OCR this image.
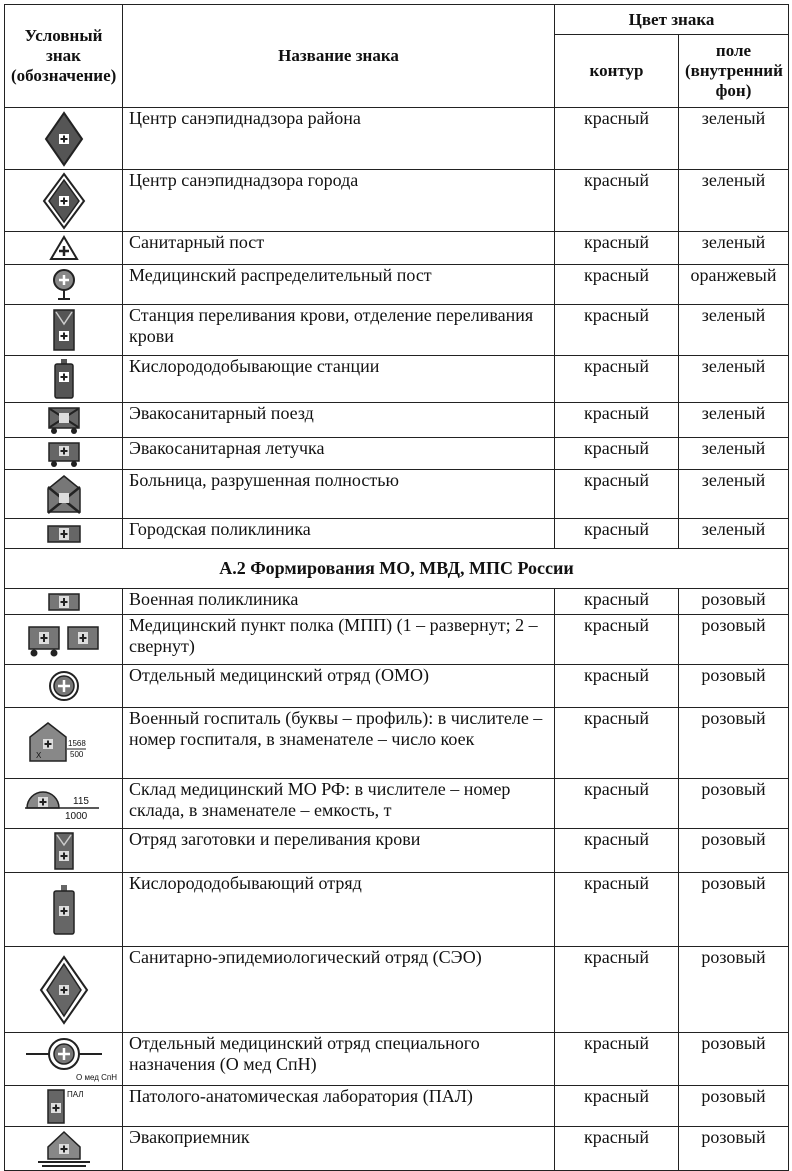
Условный знак (обозначение)	Название знака	Цвет знака	
		контур	поле (внутренний фон)

	Центр санэпиднадзора района	красный	зеленый

	Центр санэпиднадзора города	красный	зеленый

	Санитарный пост	красный	зеленый

	Медицинский распределительный пост	красный	оранжевый

	Станция переливания крови, отделение переливания крови	красный	зеленый

	Кислорододобывающие станции	красный	зеленый

	Эвакосанитарный поезд	красный	зеленый

	Эвакосанитарная летучка	красный	зеленый

	Больница, разрушенная полностью	красный	зеленый

	Городская поликлиника	красный	зеленый
А.2 Формирования МО, МВД, МПС России			

	Военная поликлиника	красный	розовый

	Медицинский пункт полка (МПП) (1 – развернут; 2 – свернут)	красный	розовый

	Отдельный медицинский отряд (ОМО)	красный	розовый

Х
1568
500	Военный госпиталь (буквы – профиль): в числителе – номер госпиталя, в знаменателе – число коек	красный	розовый

115
1000	Склад медицинский МО РФ: в числителе – номер склада, в знаменателе – емкость, т	красный	розовый

	Отряд заготовки и переливания крови	красный	розовый

	Кислорододобывающий отряд	красный	розовый

	Санитарно-эпидемиологический отряд (СЭО)	красный	розовый

О мед СпН	Отдельный медицинский отряд специального назначения (О мед СпН)	красный	розовый

ПАЛ	Патолого-анатомическая лаборатория (ПАЛ)	красный	розовый

	Эвакоприемник	красный	розовый
